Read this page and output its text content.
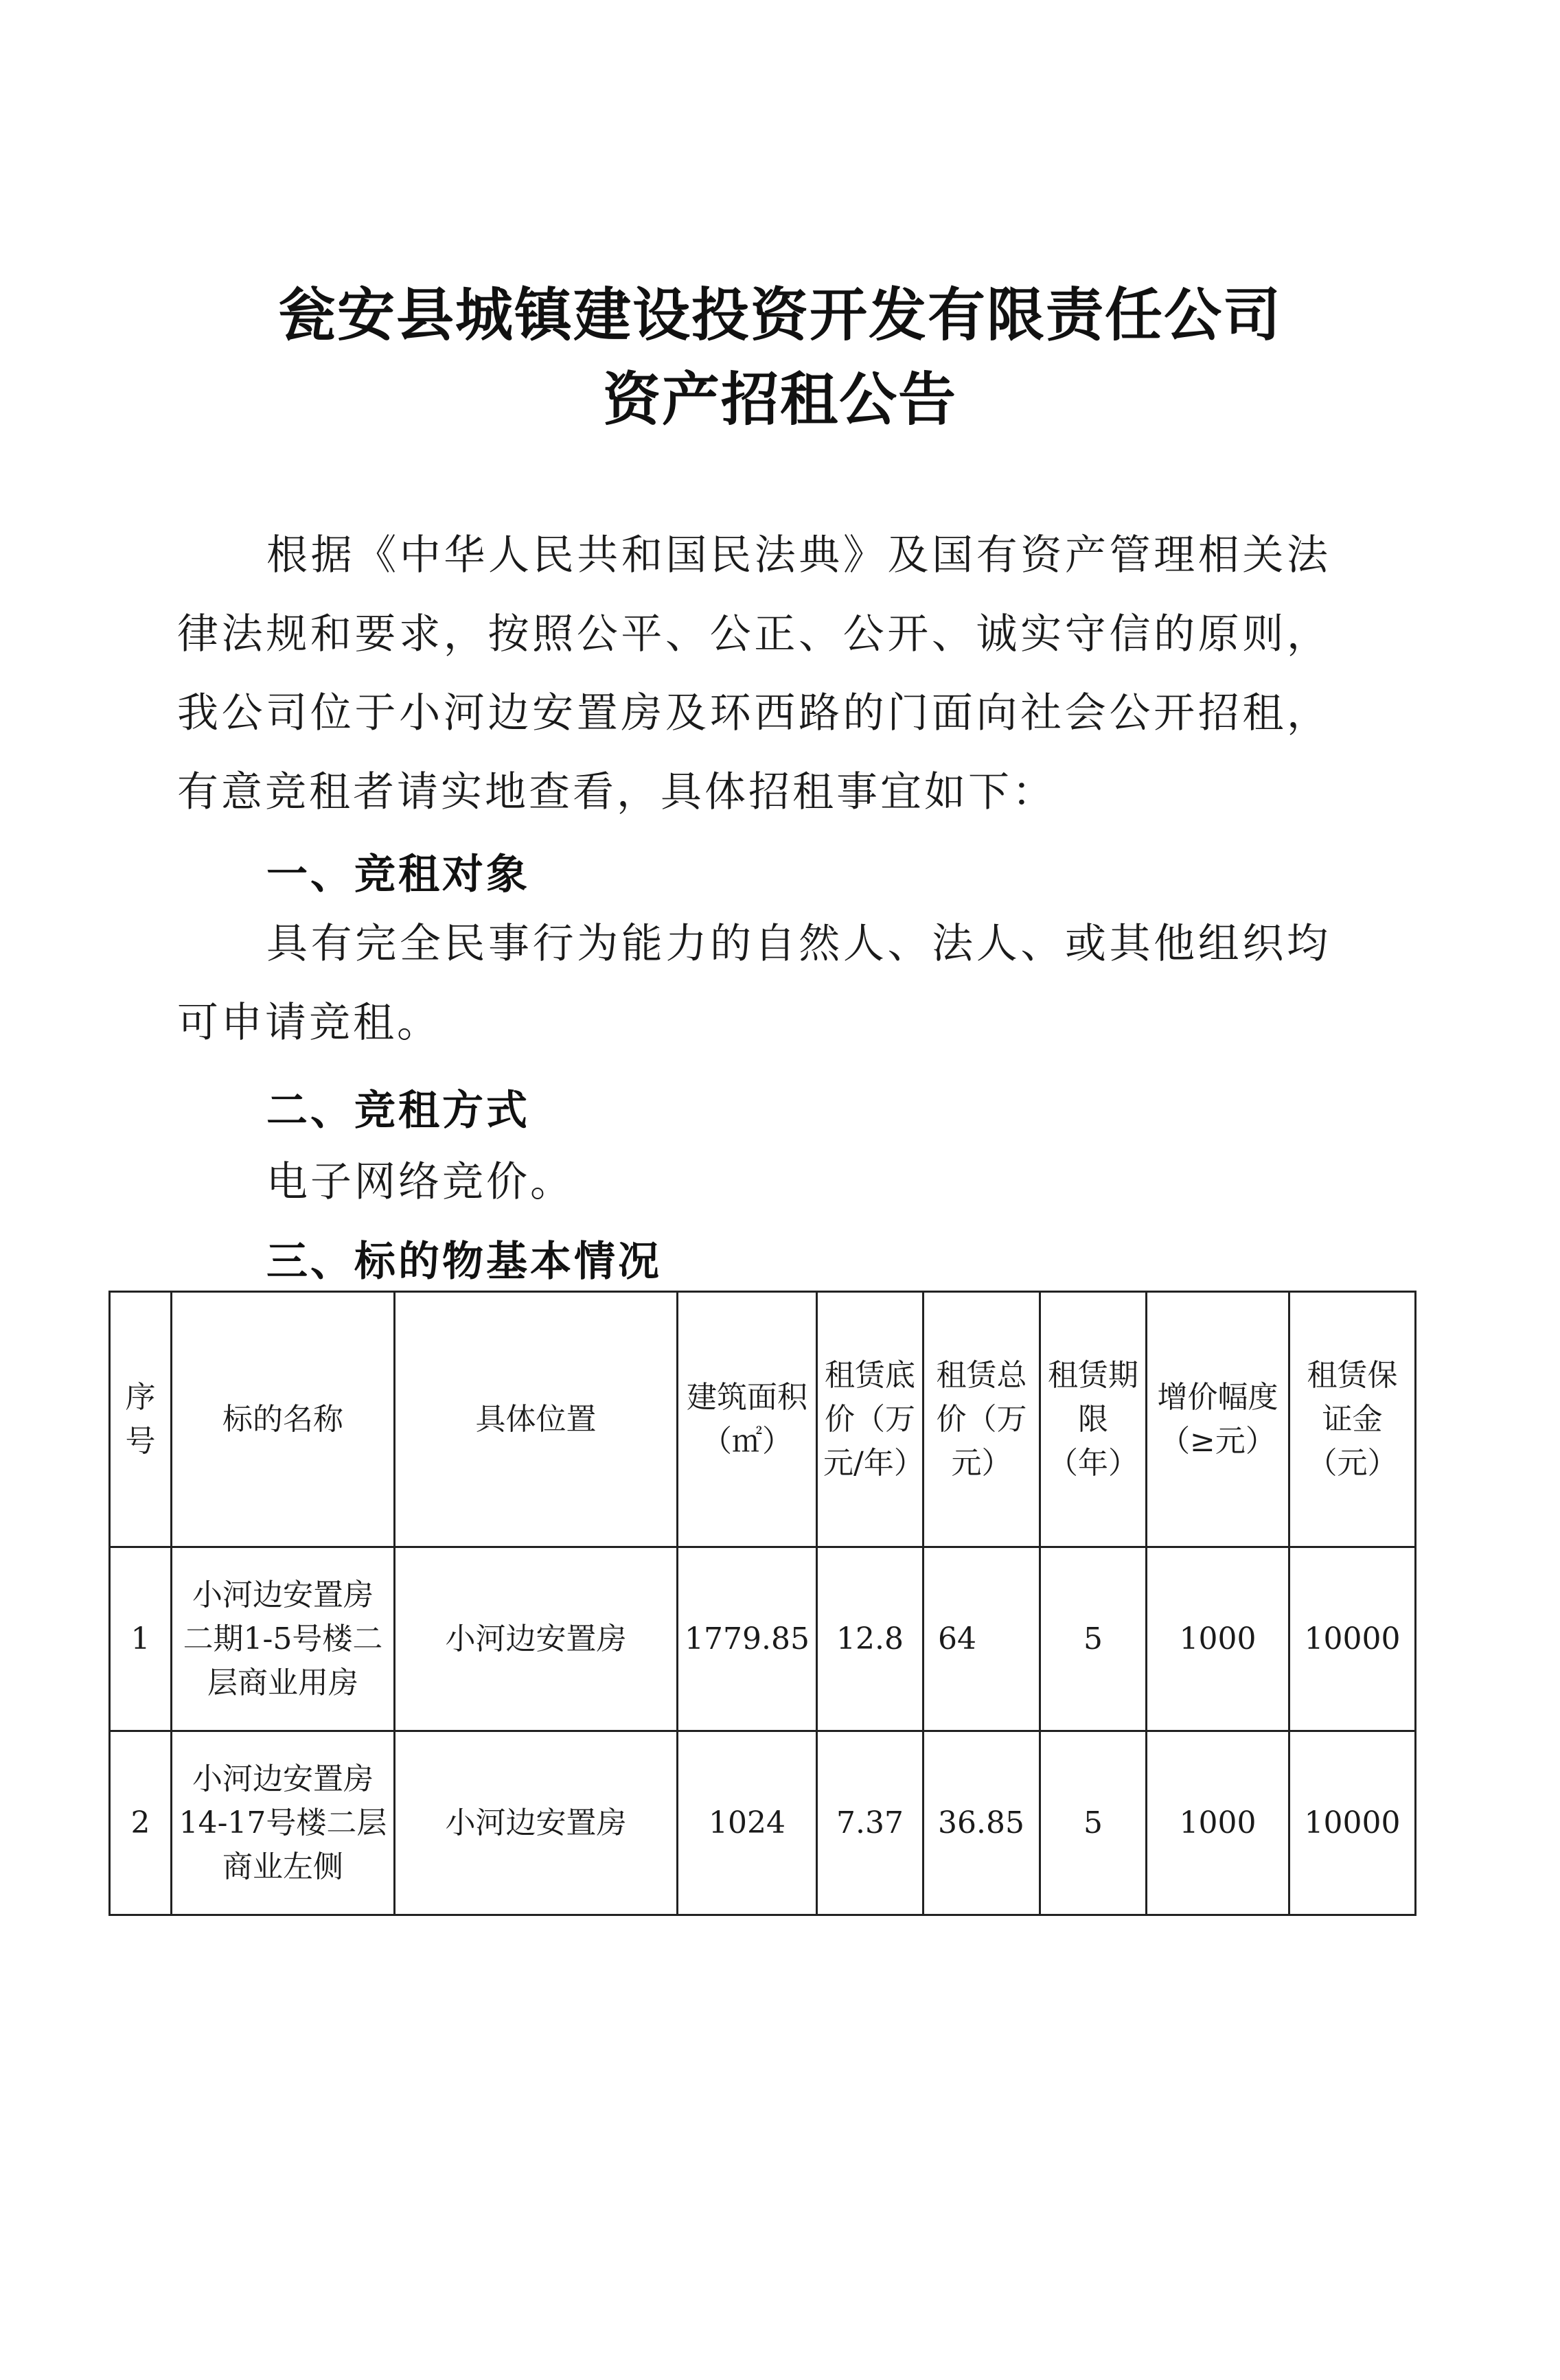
瓮安县城镇建设投资开发有限责任公司
资产招租公告
根据《中华人民共和国民法典》及国有资产管理相关法律法规和要求，按照公平、公正、公开、诚实守信的原则，我公司位于小河边安置房及环西路的门面向社会公开招租，有意竞租者请实地查看，具体招租事宜如下：
一、竞租对象
具有完全民事行为能力的自然人、法人、或其他组织均可申请竞租。
二、竞租方式
电子网络竞价。
三、标的物基本情况
序号	标的名称	具体位置	建筑面积（㎡）	租赁底价（万元/年）	租赁总价（万元）	租赁期限（年）	增价幅度（≥元）	租赁保证金（元）
1	小河边安置房二期1-5号楼二层商业用房	小河边安置房	1779.85	12.8	64	5	1000	10000
2	小河边安置房14-17号楼二层商业左侧	小河边安置房	1024	7.37	36.85	5	1000	10000
